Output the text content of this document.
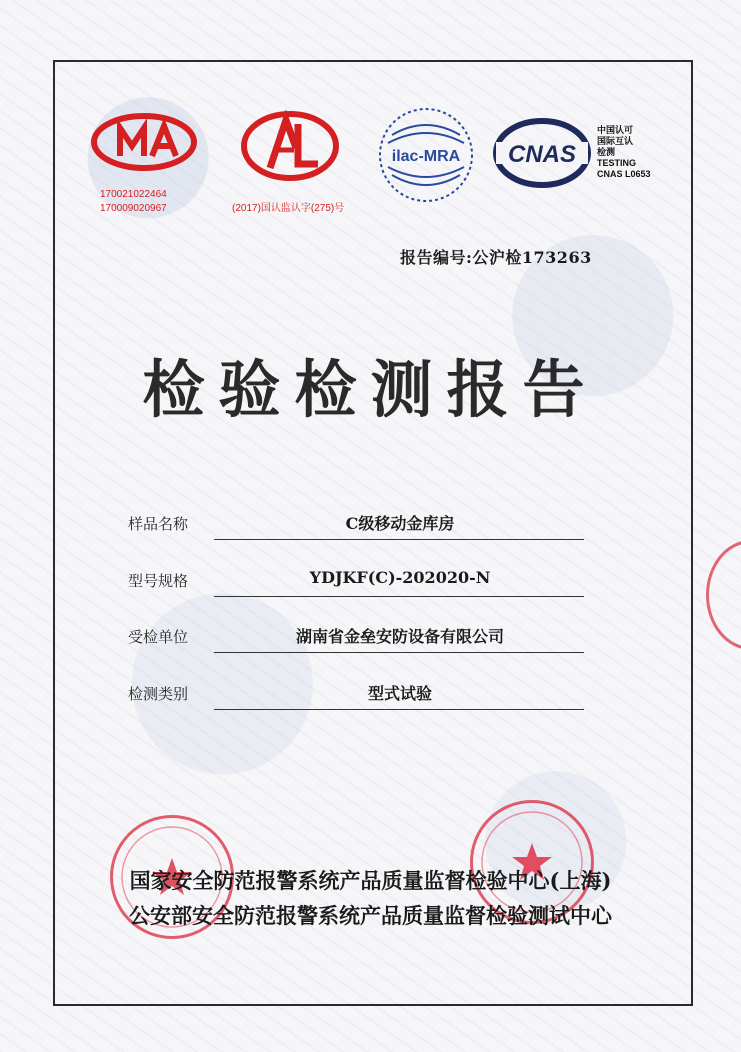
170021022464
170009020967	(2017)国认监认字(275)号
ilac-MRA CNAS
中国认可
国际互认
检测
TESTING
CNAS L0653
报告编号:公沪检173263
检验检测报告
样品名称	C级移动金库房
型号规格	YDJKF(C)-202020-N
受检单位	湖南省金垒安防设备有限公司
检测类别	型式试验
国家安全防范报警系统产品质量监督检验中心(上海)
公安部安全防范报警系统产品质量监督检验测试中心
